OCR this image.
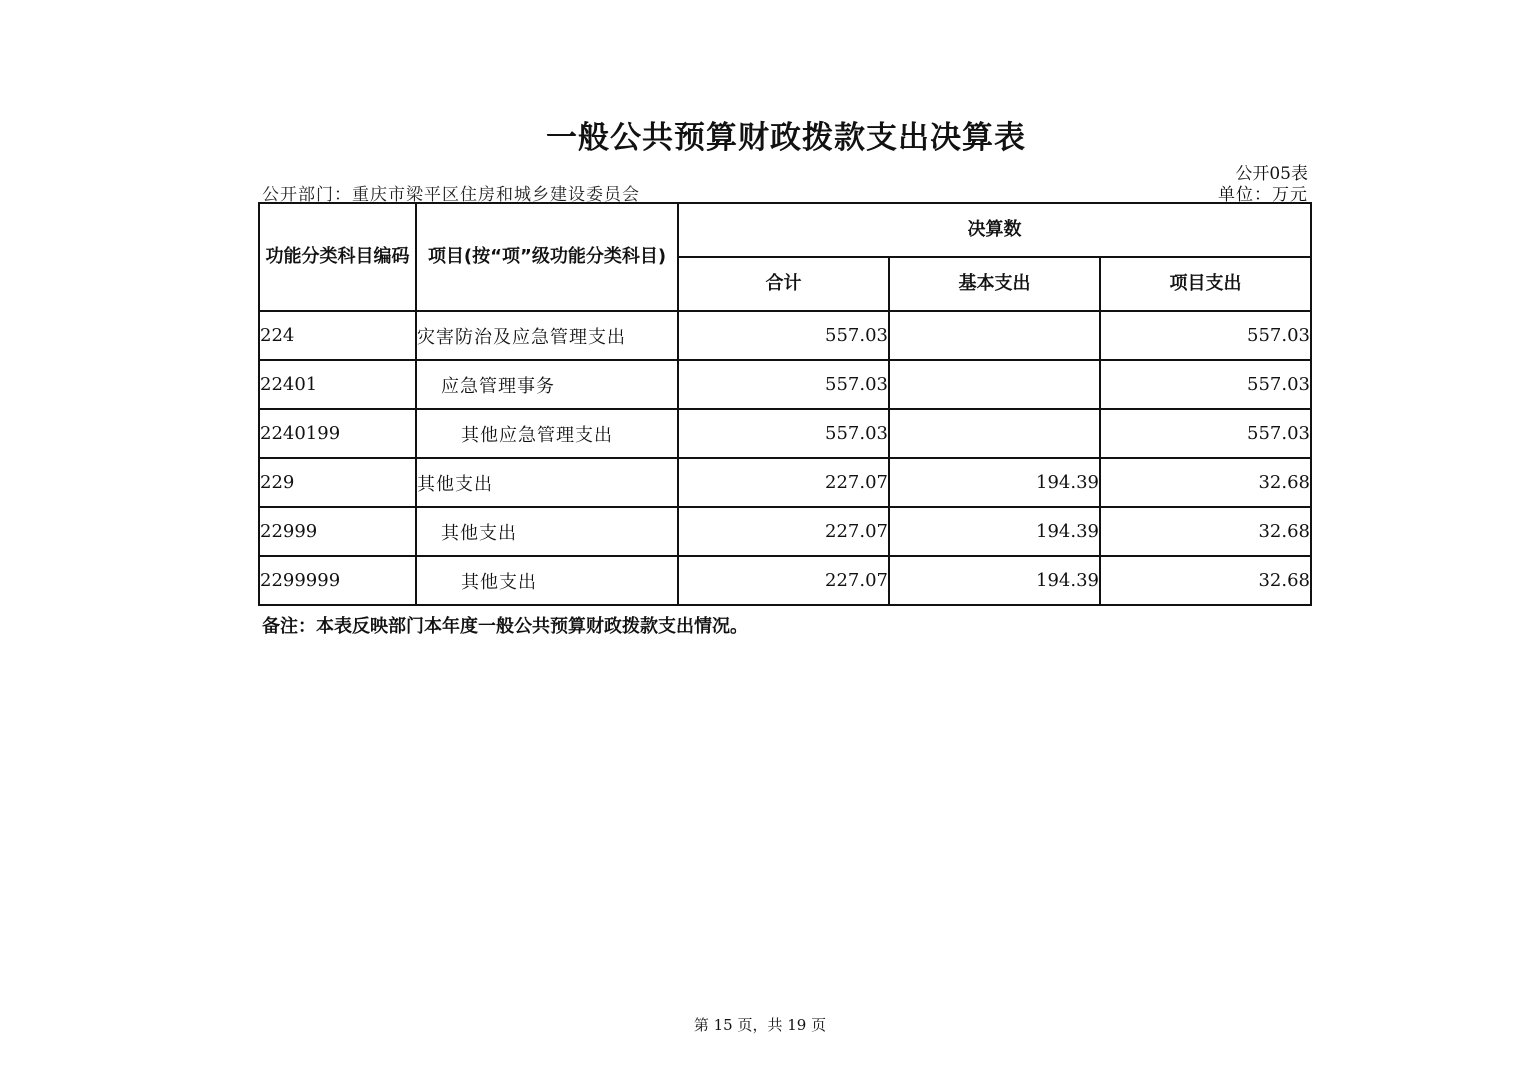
一般公共预算财政拨款支出决算表
公开05表
公开部门：重庆市梁平区住房和城乡建设委员会	单位：万元
功能分类科目编码	项目(按“项”级功能分类科目)	决算数		
		合计	基本支出	项目支出
224	灾害防治及应急管理支出	557.03		557.03
22401	应急管理事务	557.03		557.03
2240199	其他应急管理支出	557.03		557.03
229	其他支出	227.07	194.39	32.68
22999	其他支出	227.07	194.39	32.68
2299999	其他支出	227.07	194.39	32.68
备注：本表反映部门本年度一般公共预算财政拨款支出情况。
第 15 页，共 19 页
